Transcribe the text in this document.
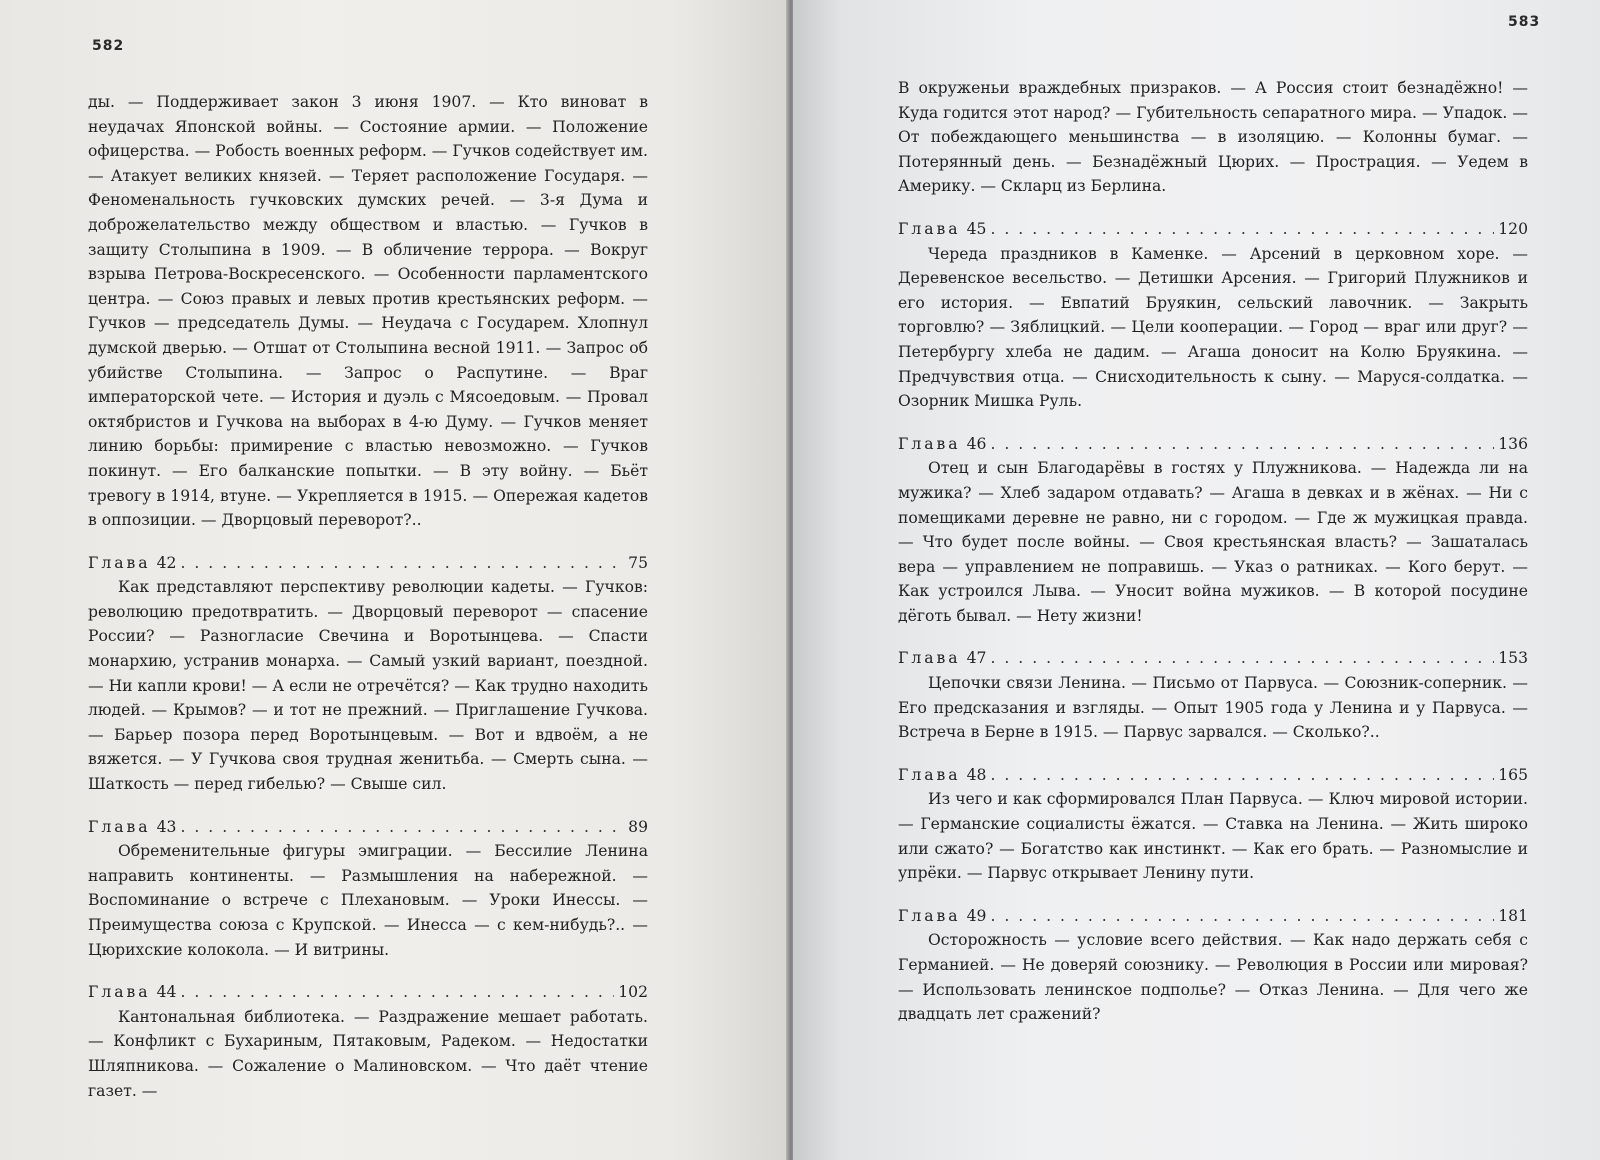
582

ды. — Поддерживает закон 3 июня 1907. — Кто виноват в неудачах Японской войны. — Состояние армии. — Положение офицерства. — Робость военных реформ. — Гучков содействует им. — Атакует великих князей. — Теряет расположение Государя. — Феноменальность гучковских думских речей. — 3-я Дума и доброжелательство между обществом и властью. — Гучков в защиту Столыпина в 1909. — В обличение террора. — Вокруг взрыва Петрова-Воскресенского. — Особенности парламентского центра. — Союз правых и левых против крестьянских реформ. — Гучков — председатель Думы. — Неудача с Государем. Хлопнул думской дверью. — Отшат от Столыпина весной 1911. — Запрос об убийстве Столыпина. — Запрос о Распутине. — Враг императорской чете. — История и дуэль с Мясоедовым. — Провал октябристов и Гучкова на выборах в 4-ю Думу. — Гучков меняет линию борьбы: примирение с властью невозможно. — Гучков покинут. — Его балканские попытки. — В эту войну. — Бьёт тревогу в 1914, втуне. — Укрепляется в 1915. — Опережая кадетов в оппозиции. — Дворцовый переворот?..

Глава 42 . . .	75

Как представляют перспективу революции кадеты. — Гучков: революцию предотвратить. — Дворцовый переворот — спасение России? — Разногласие Свечина и Воротынцева. — Спасти монархию, устранив монарха. — Самый узкий вариант, поездной. — Ни капли крови! — А если не отречётся? — Как трудно находить людей. — Крымов? — и тот не прежний. — Приглашение Гучкова. — Барьер позора перед Воротынцевым. — Вот и вдвоём, а не вяжется. — У Гучкова своя трудная женитьба. — Смерть сына. — Шаткость — перед гибелью? — Свыше сил.

Глава 43 . . .	89

Обременительные фигуры эмиграции. — Бессилие Ленина направить континенты. — Размышления на набережной. — Воспоминание о встрече с Плехановым. — Уроки Инессы. — Преимущества союза с Крупской. — Инесса — с кем-нибудь?.. — Цюрихские колокола. — И витрины.

Глава 44 . . .	102

Кантональная библиотека. — Раздражение мешает работать. — Конфликт с Бухариным, Пятаковым, Радеком. — Недостатки Шляпникова. — Сожаление о Малиновском. — Что даёт чтение газет. —

583

В окруженьи враждебных призраков. — А Россия стоит безнадёжно! — Куда годится этот народ? — Губительность сепаратного мира. — Упадок. — От побеждающего меньшинства — в изоляцию. — Колонны бумаг. — Потерянный день. — Безнадёжный Цюрих. — Прострация. — Уедем в Америку. — Скларц из Берлина.

Глава 45 . . .	120

Череда праздников в Каменке. — Арсений в церковном хоре. — Деревенское весельство. — Детишки Арсения. — Григорий Плужников и его история. — Евпатий Бруякин, сельский лавочник. — Закрыть торговлю? — Зяблицкий. — Цели кооперации. — Город — враг или друг? — Петербургу хлеба не дадим. — Агаша доносит на Колю Бруякина. — Предчувствия отца. — Снисходительность к сыну. — Маруся-солдатка. — Озорник Мишка Руль.

Глава 46 . . .	136

Отец и сын Благодарёвы в гостях у Плужникова. — Надежда ли на мужика? — Хлеб задаром отдавать? — Агаша в девках и в жёнах. — Ни с помещиками деревне не равно, ни с городом. — Где ж мужицкая правда. — Что будет после войны. — Своя крестьянская власть? — Зашаталась вера — управлением не поправишь. — Указ о ратниках. — Кого берут. — Как устроился Лыва. — Уносит война мужиков. — В которой посудине дёготь бывал. — Нету жизни!

Глава 47 . . .	153

Цепочки связи Ленина. — Письмо от Парвуса. — Союзник-соперник. — Его предсказания и взгляды. — Опыт 1905 года у Ленина и у Парвуса. — Встреча в Берне в 1915. — Парвус зарвался. — Сколько?..

Глава 48 . . .	165

Из чего и как сформировался План Парвуса. — Ключ мировой истории. — Германские социалисты ёжатся. — Ставка на Ленина. — Жить широко или сжато? — Богатство как инстинкт. — Как его брать. — Разномыслие и упрёки. — Парвус открывает Ленину пути.

Глава 49 . . .	181

Осторожность — условие всего действия. — Как надо держать себя с Германией. — Не доверяй союзнику. — Революция в России или мировая? — Использовать ленинское подполье? — Отказ Ленина. — Для чего же двадцать лет сражений?
